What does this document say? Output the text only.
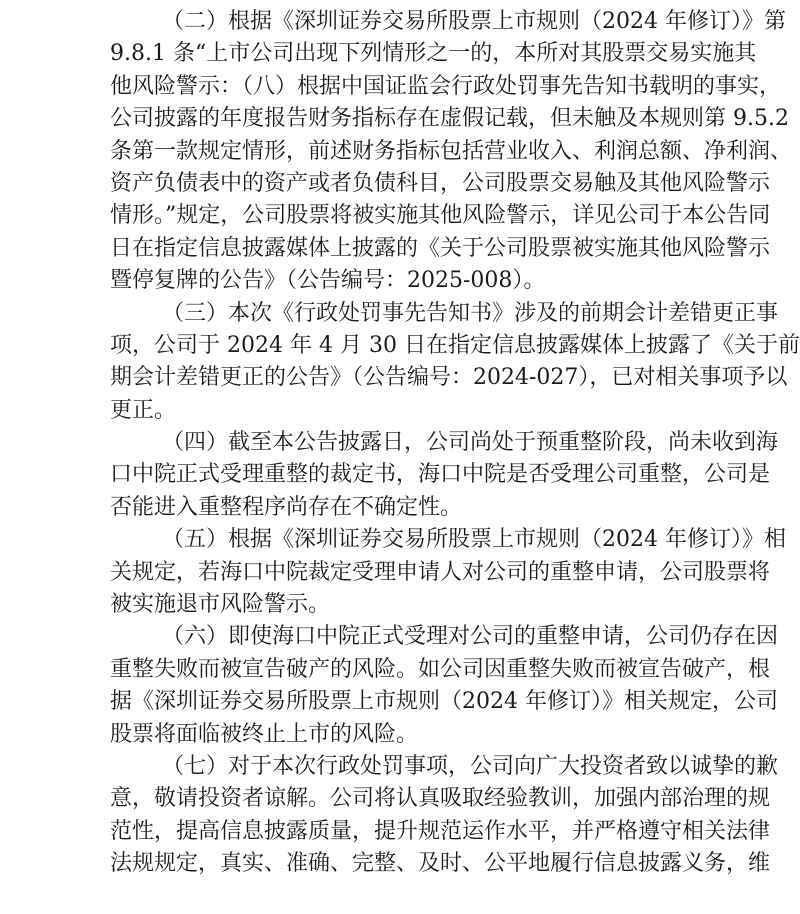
（二）根据《深圳证券交易所股票上市规则（2024 年修订）》第
9.8.1 条“上市公司出现下列情形之一的，本所对其股票交易实施其
他风险警示：（八）根据中国证监会行政处罚事先告知书载明的事实，
公司披露的年度报告财务指标存在虚假记载，但未触及本规则第 9.5.2
条第一款规定情形，前述财务指标包括营业收入、利润总额、净利润、
资产负债表中的资产或者负债科目，公司股票交易触及其他风险警示
情形。”规定，公司股票将被实施其他风险警示，详见公司于本公告同
日在指定信息披露媒体上披露的《关于公司股票被实施其他风险警示
暨停复牌的公告》（公告编号：2025-008）。
（三）本次《行政处罚事先告知书》涉及的前期会计差错更正事
项，公司于 2024 年 4 月 30 日在指定信息披露媒体上披露了《关于前
期会计差错更正的公告》（公告编号：2024-027），已对相关事项予以
更正。
（四）截至本公告披露日，公司尚处于预重整阶段，尚未收到海
口中院正式受理重整的裁定书，海口中院是否受理公司重整，公司是
否能进入重整程序尚存在不确定性。
（五）根据《深圳证券交易所股票上市规则（2024 年修订）》相
关规定，若海口中院裁定受理申请人对公司的重整申请，公司股票将
被实施退市风险警示。
（六）即使海口中院正式受理对公司的重整申请，公司仍存在因
重整失败而被宣告破产的风险。如公司因重整失败而被宣告破产，根
据《深圳证券交易所股票上市规则（2024 年修订）》相关规定，公司
股票将面临被终止上市的风险。
（七）对于本次行政处罚事项，公司向广大投资者致以诚挚的歉
意，敬请投资者谅解。公司将认真吸取经验教训，加强内部治理的规
范性，提高信息披露质量，提升规范运作水平，并严格遵守相关法律
法规规定，真实、准确、完整、及时、公平地履行信息披露义务，维
